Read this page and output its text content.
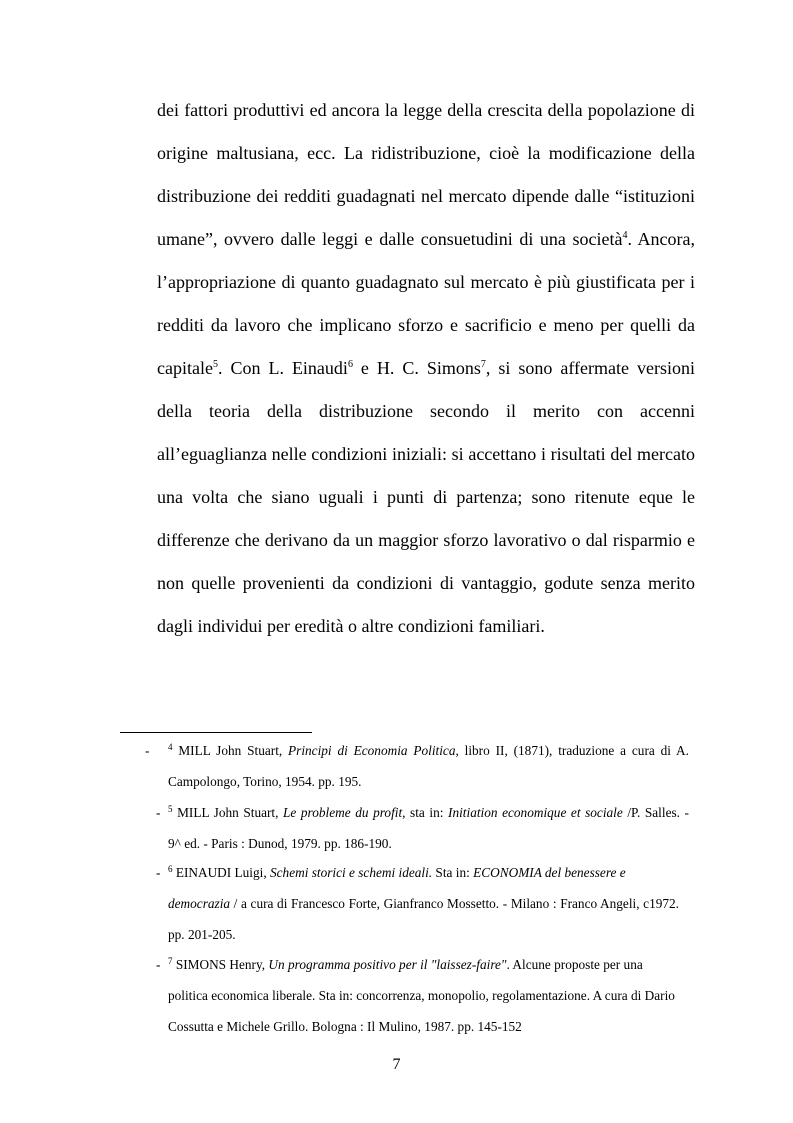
dei fattori produttivi ed ancora la legge della crescita della popolazione di origine maltusiana, ecc. La ridistribuzione, cioè la modificazione della distribuzione dei redditi guadagnati nel mercato dipende dalle “istituzioni umane”, ovvero dalle leggi e dalle consuetudini di una società$^4$. Ancora, l’appropriazione di quanto guadagnato sul mercato è più giustificata per i redditi da lavoro che implicano sforzo e sacrificio e meno per quelli da capitale$^5$. Con L. Einaudi$^6$ e H. C. Simons$^7$, si sono affermate versioni della teoria della distribuzione secondo il merito con accenni all’eguaglianza nelle condizioni iniziali: si accettano i risultati del mercato una volta che siano uguali i punti di partenza; sono ritenute eque le differenze che derivano da un maggior sforzo lavorativo o dal risparmio e non quelle provenienti da condizioni di vantaggio, godute senza merito dagli individui per eredità o altre condizioni familiari.

- $^4$ MILL John Stuart, Principi di Economia Politica, libro II, (1871), traduzione a cura di A.
Campolongo, Torino, 1954. pp. 195.
- $^5$ MILL John Stuart, Le probleme du profit, sta in: Initiation economique et sociale /P. Salles. -
9^ ed. - Paris : Dunod, 1979. pp. 186-190.
- $^6$ EINAUDI Luigi, Schemi storici e schemi ideali. Sta in: ECONOMIA del benessere e
democrazia / a cura di Francesco Forte, Gianfranco Mossetto. - Milano : Franco Angeli, c1972.
pp. 201-205.
- $^7$ SIMONS Henry, Un programma positivo per il "laissez-faire". Alcune proposte per una
politica economica liberale. Sta in: concorrenza, monopolio, regolamentazione. A cura di Dario
Cossutta e Michele Grillo. Bologna : Il Mulino, 1987. pp. 145-152
7
